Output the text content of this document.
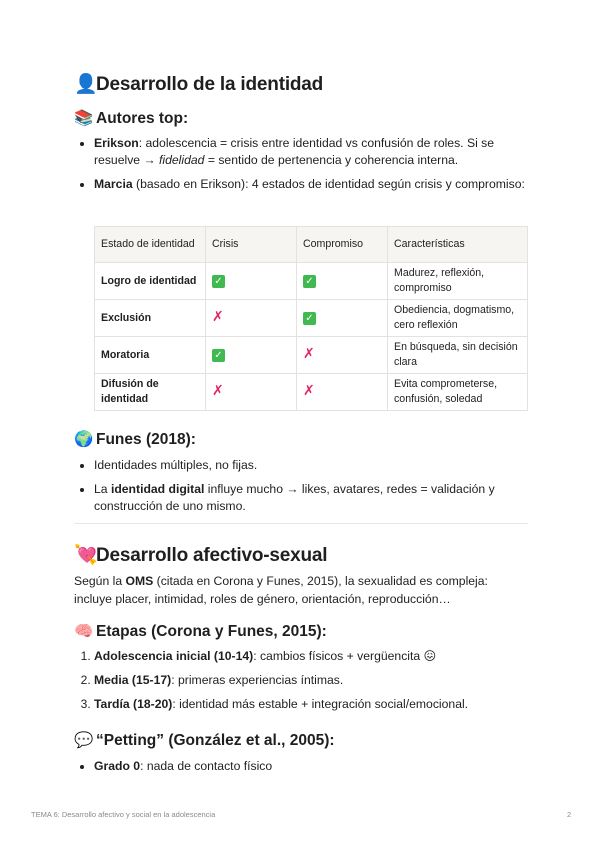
👤Desarrollo de la identidad
📚 Autores top:
• Erikson: adolescencia = crisis entre identidad vs confusión de roles. Si se resuelve → fidelidad = sentido de pertenencia y coherencia interna.
• Marcia (basado en Erikson): 4 estados de identidad según crisis y compromiso:
Estado de identidad	Crisis	Compromiso	Características
Logro de identidad	✓	✓	Madurez, reflexión, compromiso
Exclusión	✗	✓	Obediencia, dogmatismo, cero reflexión
Moratoria	✓	✗	En búsqueda, sin decisión clara
Difusión de identidad	✗	✗	Evita comprometerse, confusión, soledad
🌍 Funes (2018):
• Identidades múltiples, no fijas.
• La identidad digital influye mucho → likes, avatares, redes = validación y construcción de uno mismo.
💘Desarrollo afectivo-sexual

Según la OMS (citada en Corona y Funes, 2015), la sexualidad es compleja: incluye placer, intimidad, roles de género, orientación, reproducción…

🧠 Etapas (Corona y Funes, 2015):
1. Adolescencia inicial (10-14): cambios físicos + vergüencita 😖
2. Media (15-17): primeras experiencias íntimas.
3. Tardía (18-20): identidad más estable + integración social/emocional.
💬 “Petting” (González et al., 2005):
• Grado 0: nada de contacto físico
TEMA 6: Desarrollo afectivo y social en la adolescencia	2
